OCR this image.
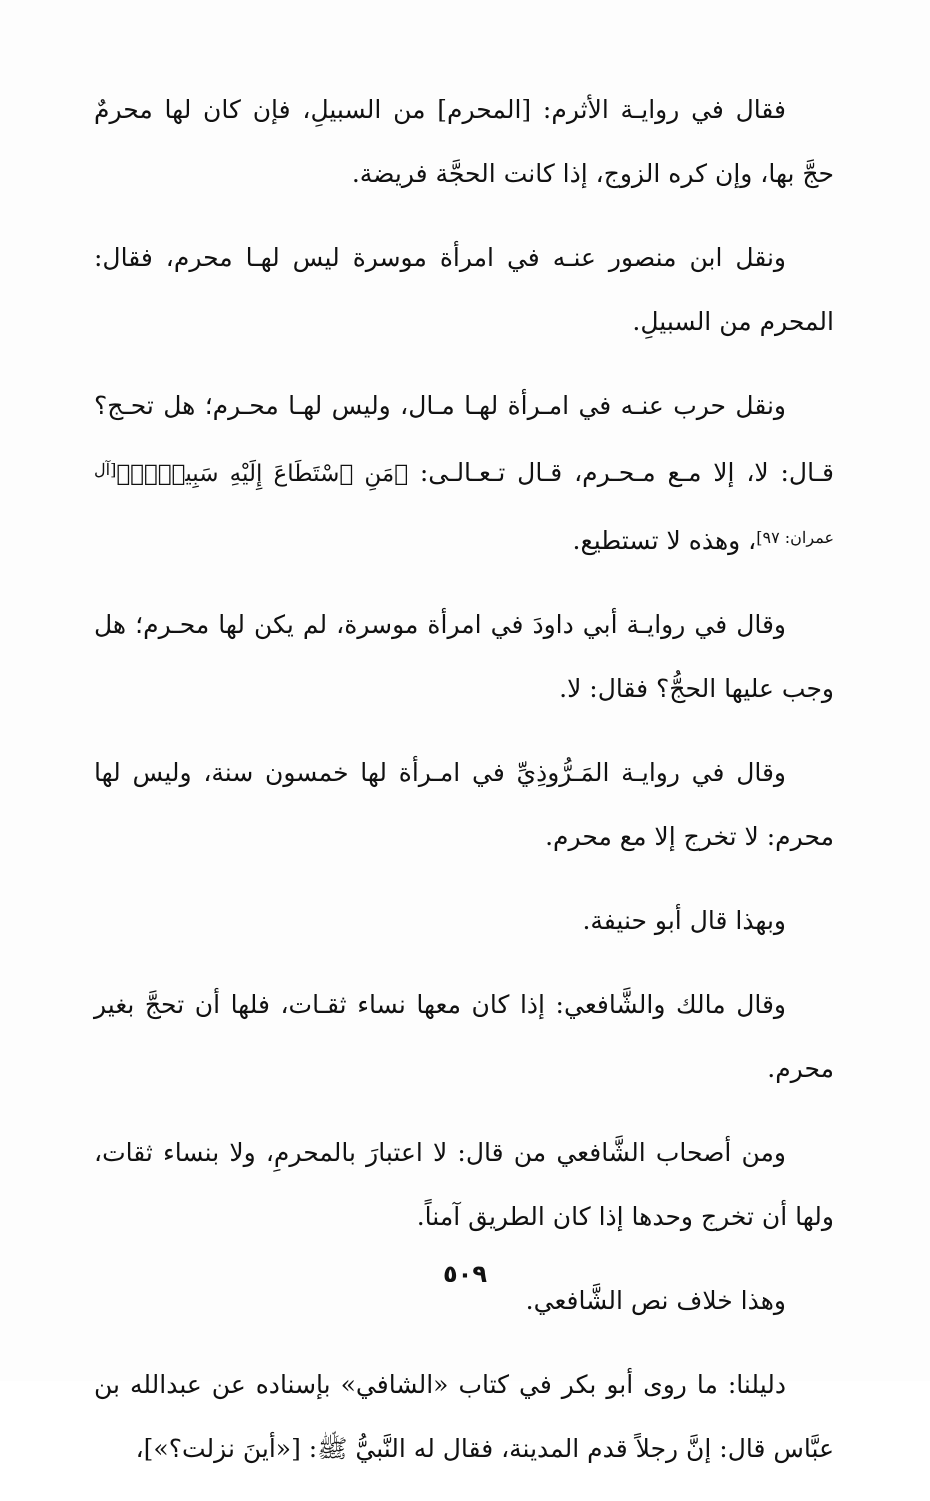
فقال في روايـة الأثرم: [المحرم] من السبيلِ، فإن كان لها محرمٌ حجَّ بها، وإن كره الزوج، إذا كانت الحجَّة فريضة.

ونقل ابن منصور عنـه في امرأة موسرة ليس لهـا محرم، فقال: المحرم من السبيلِ.

ونقل حرب عنـه في امـرأة لهـا مـال، وليس لهـا محـرم؛ هل تحـج؟ قـال: لا، إلا مـع مـحـرم، قـال تـعـالـى: ﴿مَنِ ٱسْتَطَاعَ إِلَيْهِ سَبِيلًاۚ﴾[آل عمران: ٩٧]، وهذه لا تستطيع.

وقال في روايـة أبي داودَ في امرأة موسرة، لم يكن لها محـرم؛ هل وجب عليها الحجُّ؟ فقال: لا.

وقال في روايـة المَـرُّوذِيِّ في امـرأة لها خمسون سنة، وليس لها محرم: لا تخرج إلا مع محرم.

وبهذا قال أبو حنيفة.

وقال مالك والشَّافعي: إذا كان معها نساء ثقـات، فلها أن تحجَّ بغير محرم.

ومن أصحاب الشَّافعي من قال: لا اعتبارَ بالمحرمِ، ولا بنساء ثقات، ولها أن تخرج وحدها إذا كان الطريق آمناً.

وهذا خلاف نص الشَّافعي.

دليلنا: ما روى أبو بكر في كتاب «الشافي» بإسناده عن عبدالله بن عبَّاس قال: إنَّ رجلاً قدم المدينة، فقال له النَّبيُّ ﷺ: [«أينَ نزلت؟»]،

٥٠٩
